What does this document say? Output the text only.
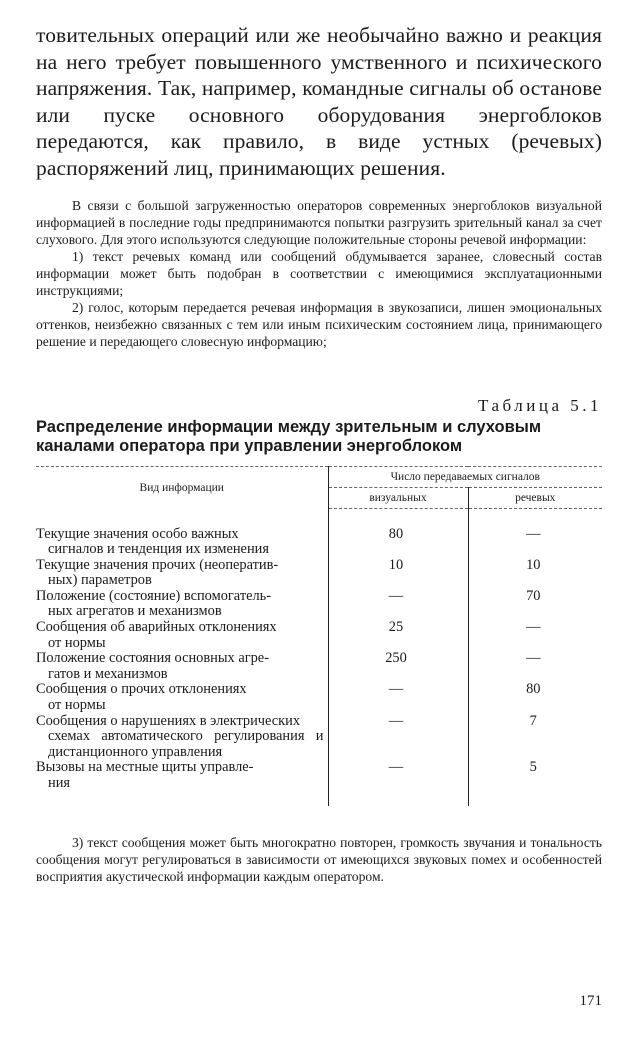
товительных операций или же необычайно важно и реакция на него требует повышенного умственного и психического напряжения. Так, например, командные сигналы об останове или пуске основного оборудования энергоблоков передаются, как правило, в виде устных (речевых) распоряжений лиц, принимающих решения.

В связи с большой загруженностью операторов современных энергоблоков визуальной информацией в последние годы предпринимаются попытки разгрузить зрительный канал за счет слухового. Для этого используются следующие положительные стороны речевой информации:

1) текст речевых команд или сообщений обдумывается заранее, словесный состав информации может быть подобран в соответствии с имеющимися эксплуатационными инструкциями;

2) голос, которым передается речевая информация в звукозаписи, лишен эмоциональных оттенков, неизбежно связанных с тем или иным психическим состоянием лица, принимающего решение и передающего словесную информацию;

Таблица 5.1
Распределение информации между зрительным и слуховым каналами оператора при управлении энергоблоком
Вид информации	Число передаваемых сигналов	
	визуальных	речевых
Текущие значения особо важных
сигналов и тенденция их изменения	80	—
Текущие значения прочих (неоператив-
ных) параметров	10	10
Положение (состояние) вспомогатель-
ных агрегатов и механизмов	—	70
Сообщения об аварийных отклонениях
от нормы	25	—
Положение состояния основных агре-
гатов и механизмов	250	—
Сообщения о прочих отклонениях
от нормы	—	80
Сообщения о нарушениях в электрических
схемах автоматического регулирования и дистанционного управления	—	7
Вызовы на местные щиты управле-
ния	—	5

3) текст сообщения может быть многократно повторен, громкость звучания и тональность сообщения могут регулироваться в зависимости от имеющихся звуковых помех и особенностей восприятия акустической информации каждым оператором.

171
